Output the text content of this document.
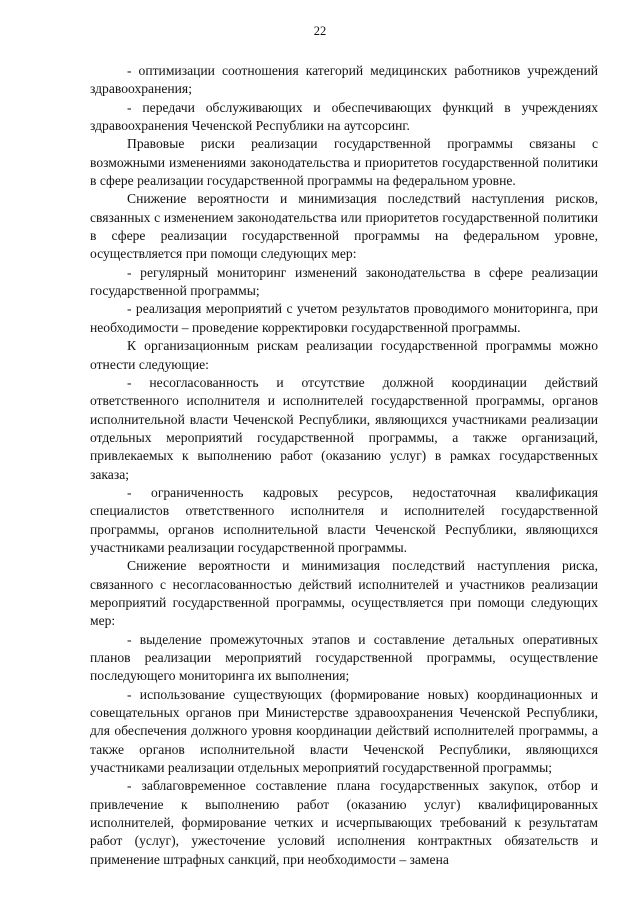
22

- оптимизации соотношения категорий медицинских работников учреждений здравоохранения;

- передачи обслуживающих и обеспечивающих функций в учреждениях здравоохранения Чеченской Республики на аутсорсинг.

Правовые риски реализации государственной программы связаны с возможными изменениями законодательства и приоритетов государственной политики в сфере реализации государственной программы на федеральном уровне.

Снижение вероятности и минимизация последствий наступления рисков, связанных с изменением законодательства или приоритетов государственной политики в сфере реализации государственной программы на федеральном уровне, осуществляется при помощи следующих мер:

- регулярный мониторинг изменений законодательства в сфере реализации государственной программы;

- реализация мероприятий с учетом результатов проводимого мониторинга, при необходимости – проведение корректировки государственной программы.

К организационным рискам реализации государственной программы можно отнести следующие:

- несогласованность и отсутствие должной координации действий ответственного исполнителя и исполнителей государственной программы, органов исполнительной власти Чеченской Республики, являющихся участниками реализации отдельных мероприятий государственной программы, а также организаций, привлекаемых к выполнению работ (оказанию услуг) в рамках государственных заказа;

- ограниченность кадровых ресурсов, недостаточная квалификация специалистов ответственного исполнителя и исполнителей государственной программы, органов исполнительной власти Чеченской Республики, являющихся участниками реализации государственной программы.

Снижение вероятности и минимизация последствий наступления риска, связанного с несогласованностью действий исполнителей и участников реализации мероприятий государственной программы, осуществляется при помощи следующих мер:

- выделение промежуточных этапов и составление детальных оперативных планов реализации мероприятий государственной программы, осуществление последующего мониторинга их выполнения;

- использование существующих (формирование новых) координационных и совещательных органов при Министерстве здравоохранения Чеченской Республики, для обеспечения должного уровня координации действий исполнителей программы, а также органов исполнительной власти Чеченской Республики, являющихся участниками реализации отдельных мероприятий государственной программы;

- заблаговременное составление плана государственных закупок, отбор и привлечение к выполнению работ (оказанию услуг) квалифицированных исполнителей, формирование четких и исчерпывающих требований к результатам работ (услуг), ужесточение условий исполнения контрактных обязательств и применение штрафных санкций, при необходимости – замена
